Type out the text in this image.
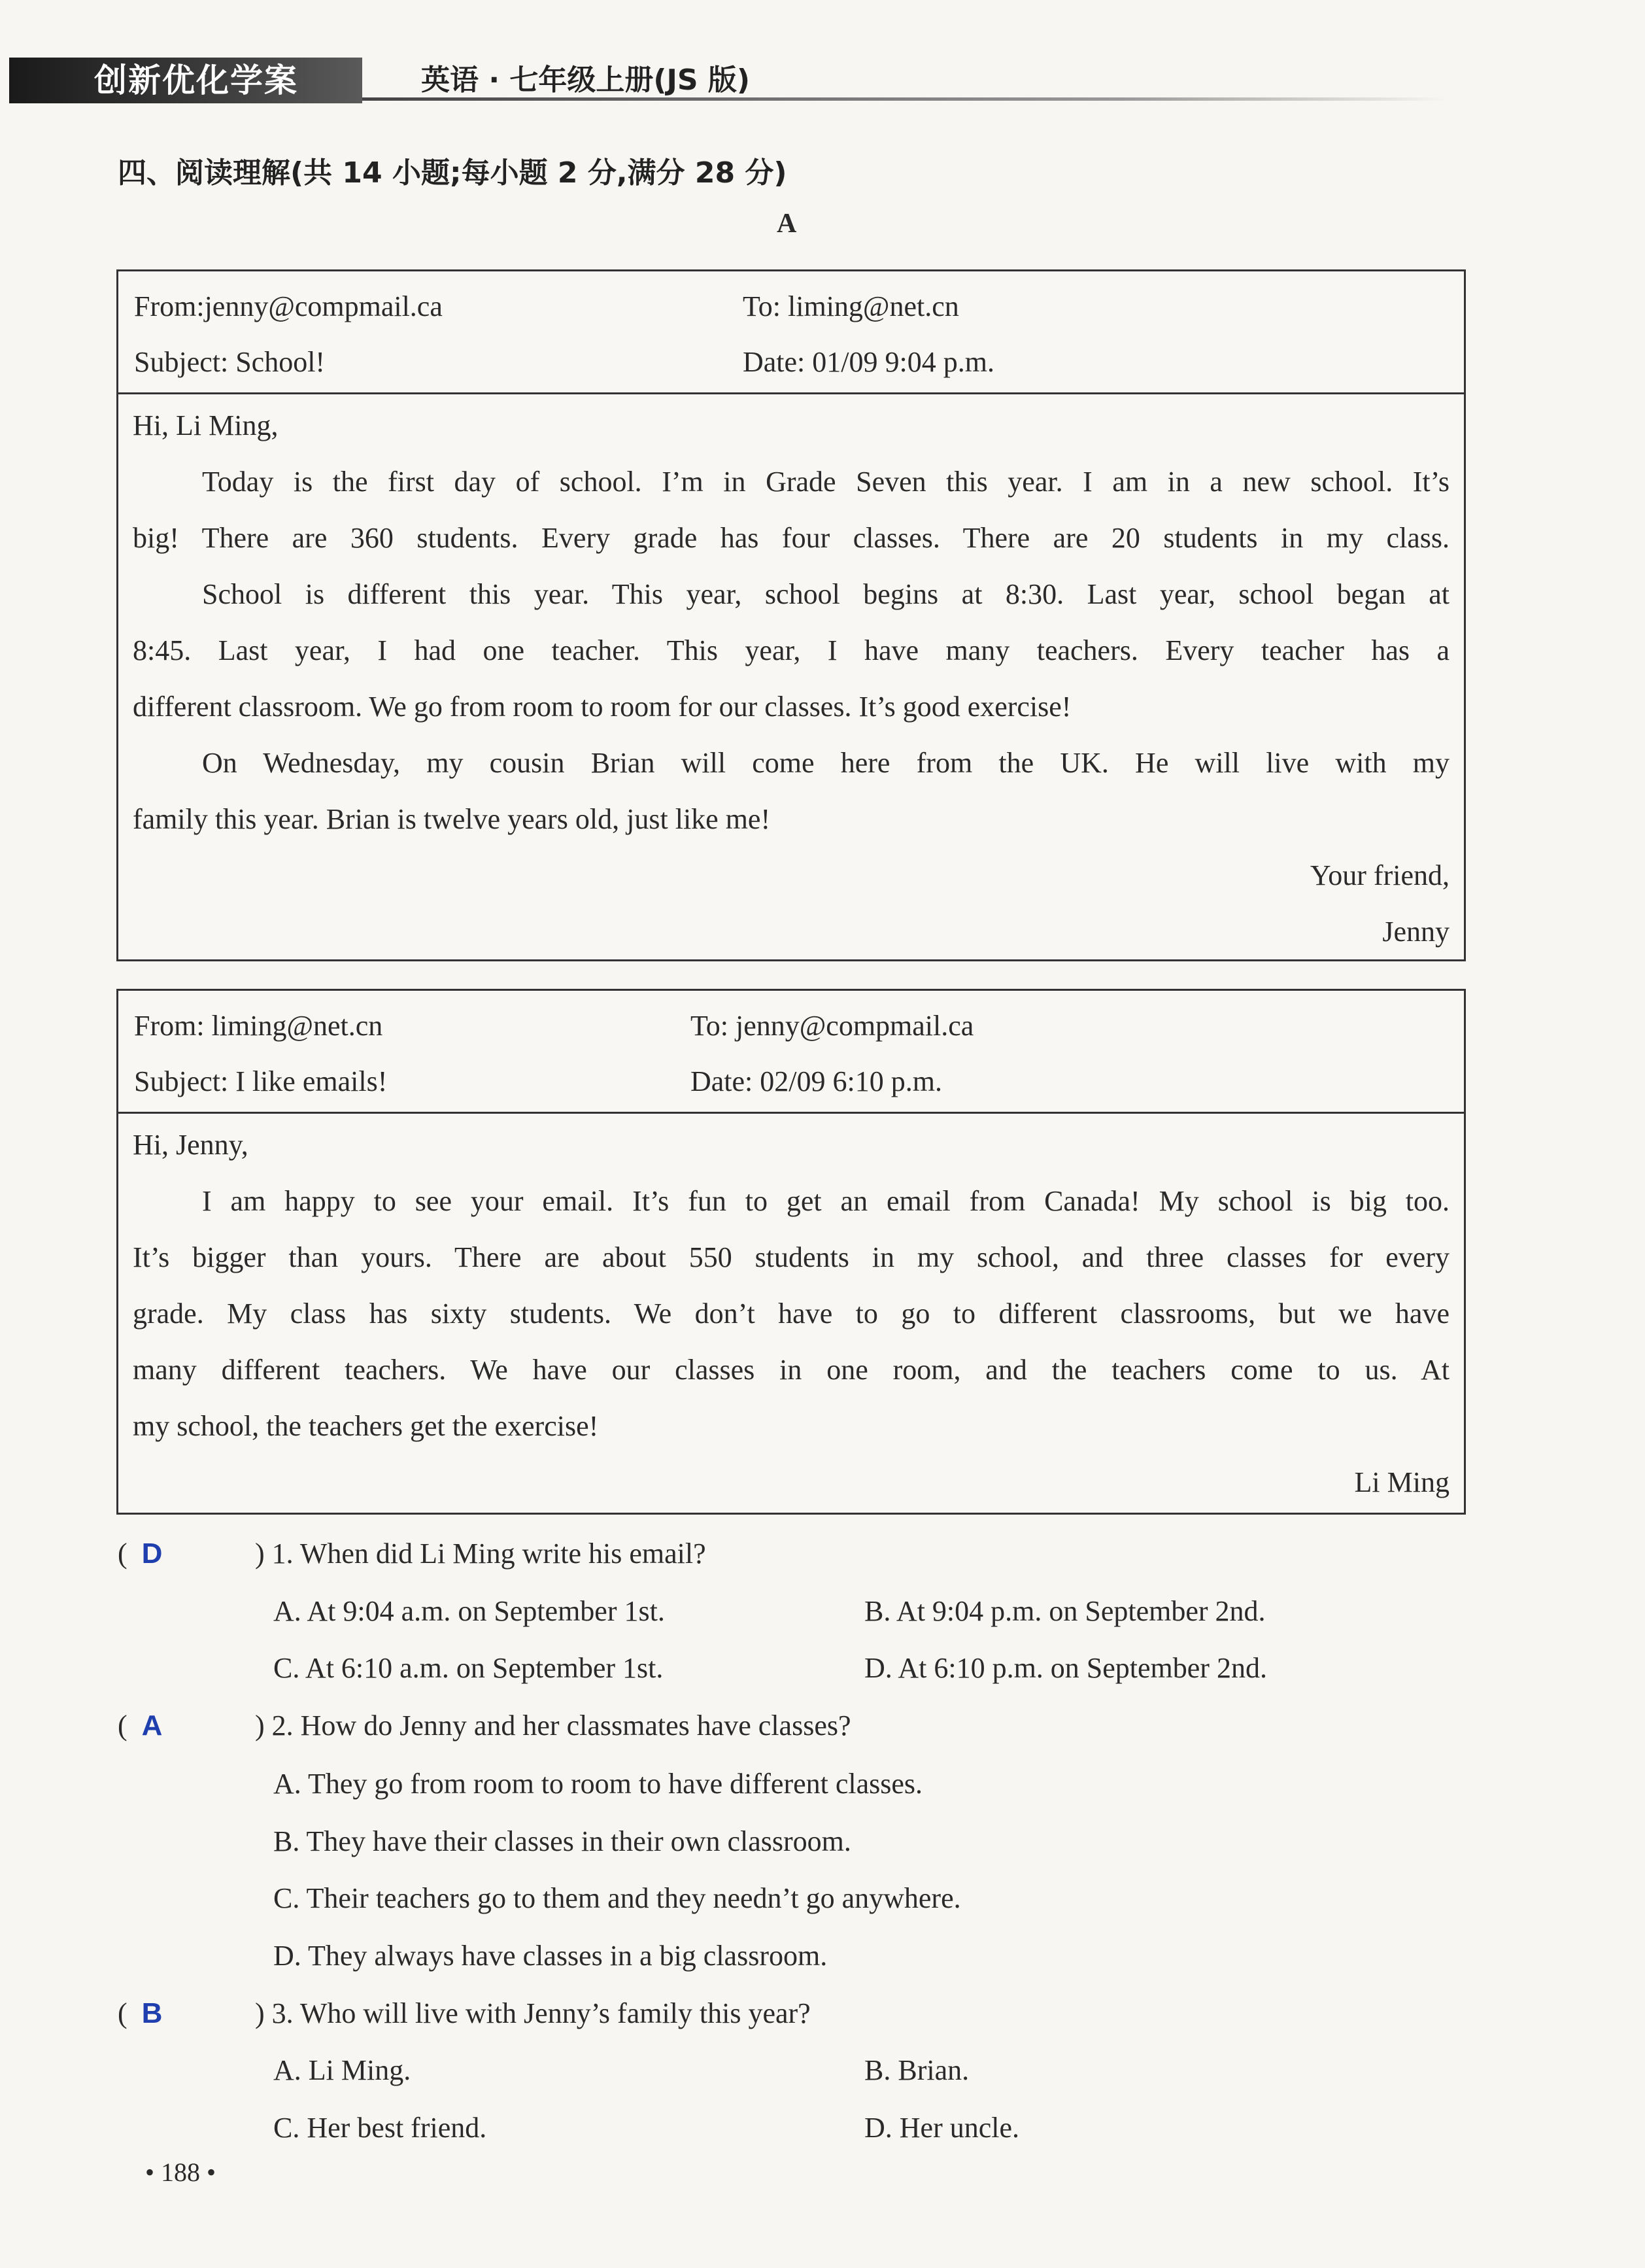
创新优化学案	英语 · 七年级上册(JS 版)
四、阅读理解(共 14 小题;每小题 2 分,满分 28 分)
A
From:jenny@compmail.ca	To: liming@net.cn
Subject: School!	Date: 01/09 9:04 p.m.
Hi, Li Ming,
Today is the first day of school. I’m in Grade Seven this year. I am in a new school. It’s
big! There are 360 students. Every grade has four classes. There are 20 students in my class.
School is different this year. This year, school begins at 8:30. Last year, school began at
8:45. Last year, I had one teacher. This year, I have many teachers. Every teacher has a
different classroom. We go from room to room for our classes. It’s good exercise!
On Wednesday, my cousin Brian will come here from the UK. He will live with my
family this year. Brian is twelve years old, just like me!
Your friend,
Jenny
From: liming@net.cn	To: jenny@compmail.ca
Subject: I like emails!	Date: 02/09 6:10 p.m.
Hi, Jenny,
I am happy to see your email. It’s fun to get an email from Canada! My school is big too.
It’s bigger than yours. There are about 550 students in my school, and three classes for every
grade. My class has sixty students. We don’t have to go to different classrooms, but we have
many different teachers. We have our classes in one room, and the teachers come to us. At
my school, the teachers get the exercise!
Li Ming
(  D	) 1. When did Li Ming write his email?
A. At 9:04 a.m. on September 1st.	B. At 9:04 p.m. on September 2nd.
C. At 6:10 a.m. on September 1st.	D. At 6:10 p.m. on September 2nd.
(  A	) 2. How do Jenny and her classmates have classes?
A. They go from room to room to have different classes.
B. They have their classes in their own classroom.
C. Their teachers go to them and they needn’t go anywhere.
D. They always have classes in a big classroom.
(  B	) 3. Who will live with Jenny’s family this year?
A. Li Ming.	B. Brian.
C. Her best friend.	D. Her uncle.
• 188 •
